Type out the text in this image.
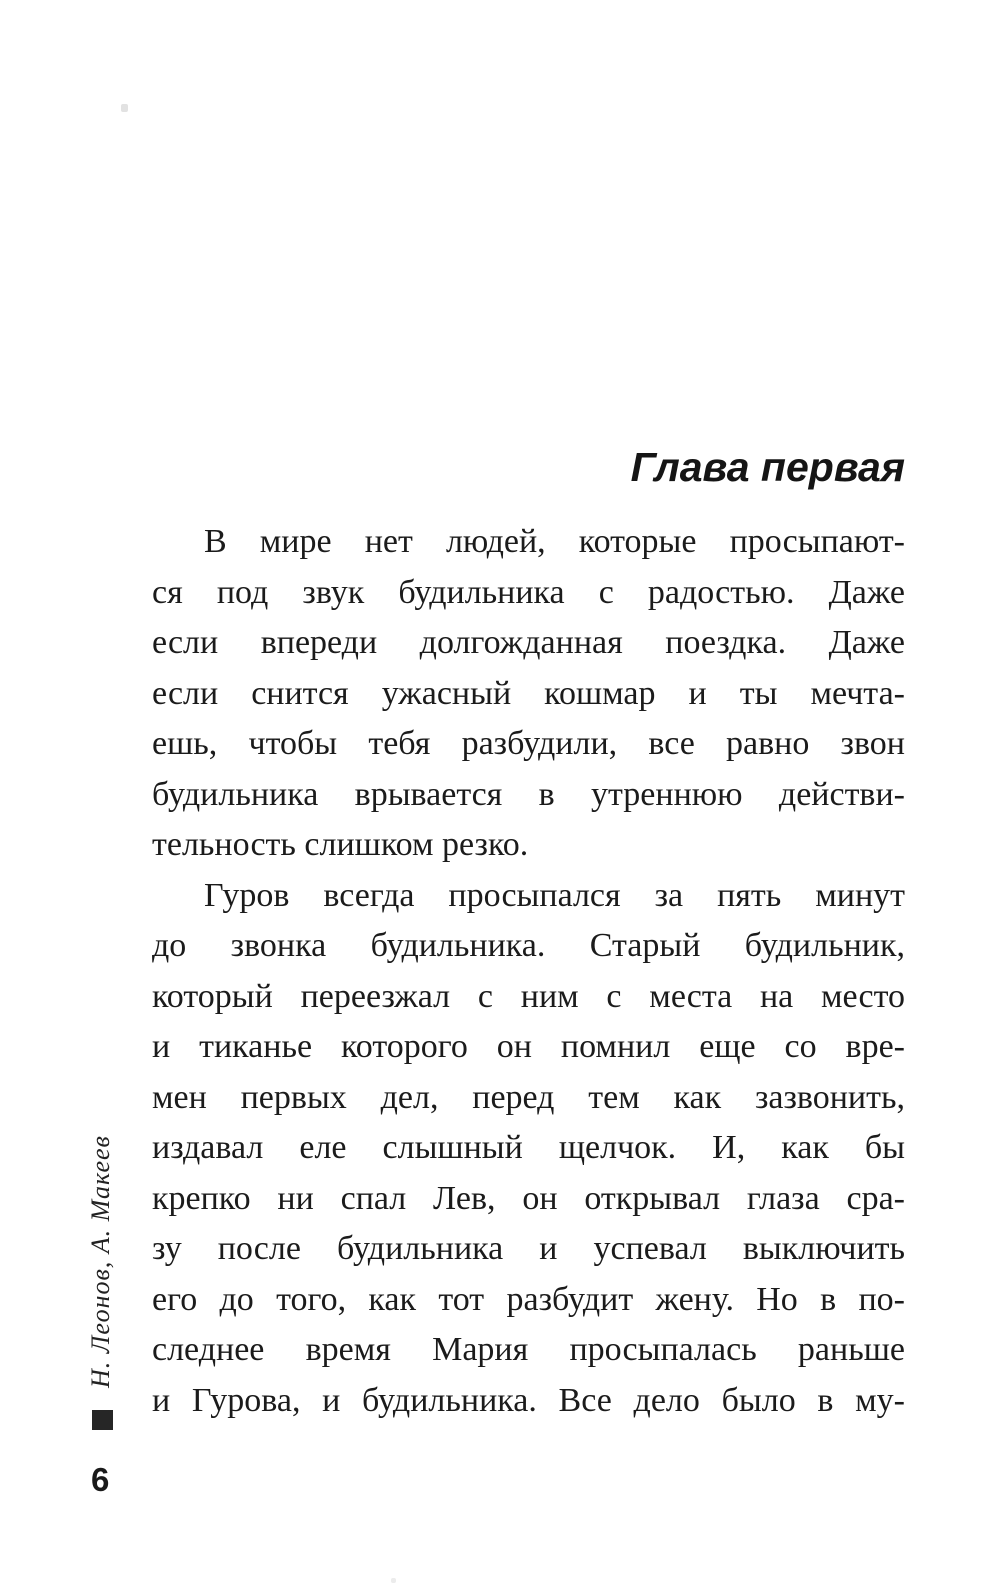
Глава первая
В мире нет людей, которые просыпают-
ся под звук будильника с радостью. Даже
если впереди долгожданная поездка. Даже
если снится ужасный кошмар и ты мечта-
ешь, чтобы тебя разбудили, все равно звон
будильника врывается в утреннюю действи-
тельность слишком резко.
Гуров всегда просыпался за пять минут
до звонка будильника. Старый будильник,
который переезжал с ним с места на место
и тиканье которого он помнил еще со вре-
мен первых дел, перед тем как зазвонить,
издавал еле слышный щелчок. И, как бы
крепко ни спал Лев, он открывал глаза сра-
зу после будильника и успевал выключить
его до того, как тот разбудит жену. Но в по-
следнее время Мария просыпалась раньше
и Гурова, и будильника. Все дело было в му-
Н. Леонов, А. Макеев
6
